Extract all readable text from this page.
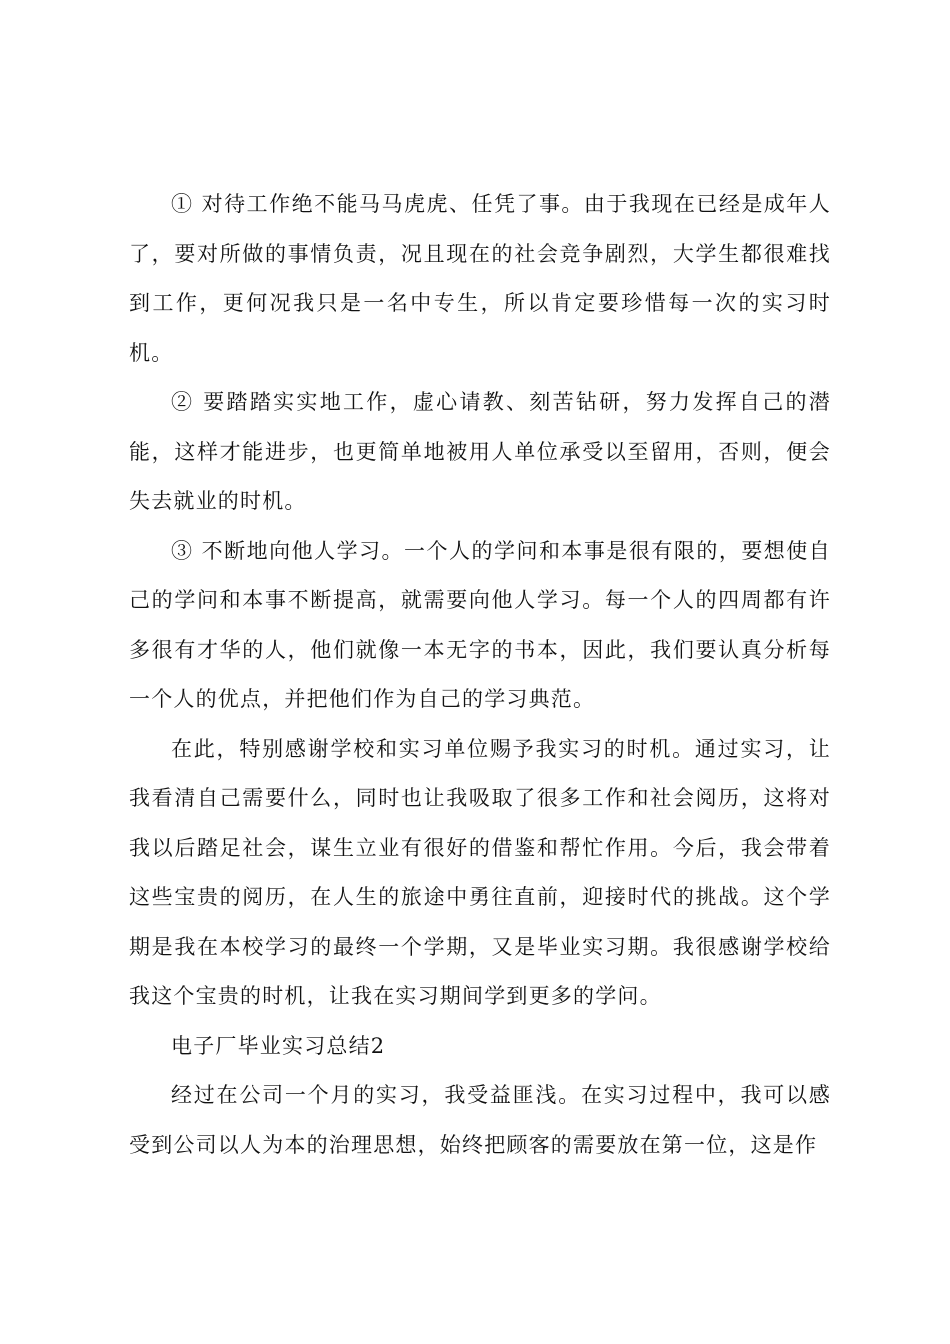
① 对待工作绝不能马马虎虎、任凭了事。由于我现在已经是成年人了，要对所做的事情负责，况且现在的社会竞争剧烈，大学生都很难找到工作，更何况我只是一名中专生，所以肯定要珍惜每一次的实习时机。

② 要踏踏实实地工作，虚心请教、刻苦钻研，努力发挥自己的潜能，这样才能进步，也更简单地被用人单位承受以至留用，否则，便会失去就业的时机。

③ 不断地向他人学习。一个人的学问和本事是很有限的，要想使自己的学问和本事不断提高，就需要向他人学习。每一个人的四周都有许多很有才华的人，他们就像一本无字的书本，因此，我们要认真分析每一个人的优点，并把他们作为自己的学习典范。

在此，特别感谢学校和实习单位赐予我实习的时机。通过实习，让我看清自己需要什么，同时也让我吸取了很多工作和社会阅历，这将对我以后踏足社会，谋生立业有很好的借鉴和帮忙作用。今后，我会带着这些宝贵的阅历，在人生的旅途中勇往直前，迎接时代的挑战。这个学期是我在本校学习的最终一个学期，又是毕业实习期。我很感谢学校给我这个宝贵的时机，让我在实习期间学到更多的学问。

电子厂毕业实习总结2

经过在公司一个月的实习，我受益匪浅。在实习过程中，我可以感受到公司以人为本的治理思想，始终把顾客的需要放在第一位，这是作
